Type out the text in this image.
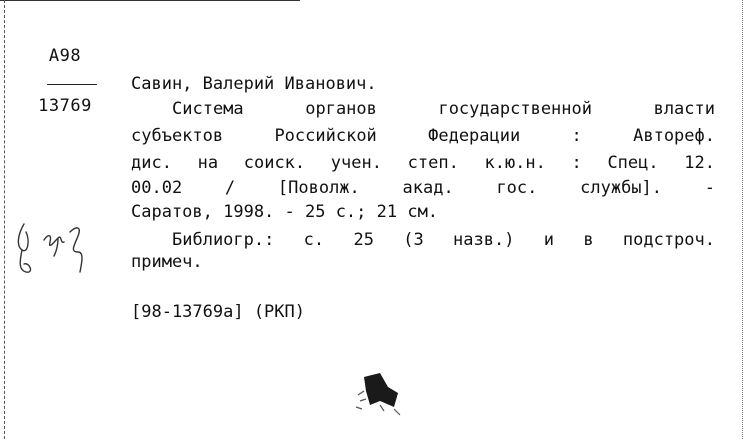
А98
13769
Савин, Валерий Иванович.
Система органов государственной власти
субъектов Российской Федерации : Автореф.
дис. на соиск. учен. степ. к.ю.н. : Спец. 12.
00.02 / [Поволж. акад. гос. службы]. -
Саратов, 1998. - 25 с.; 21 см.
Библиогр.: с. 25 (3 назв.) и в подстроч.
примеч.
[98-13769а] (РКП)
